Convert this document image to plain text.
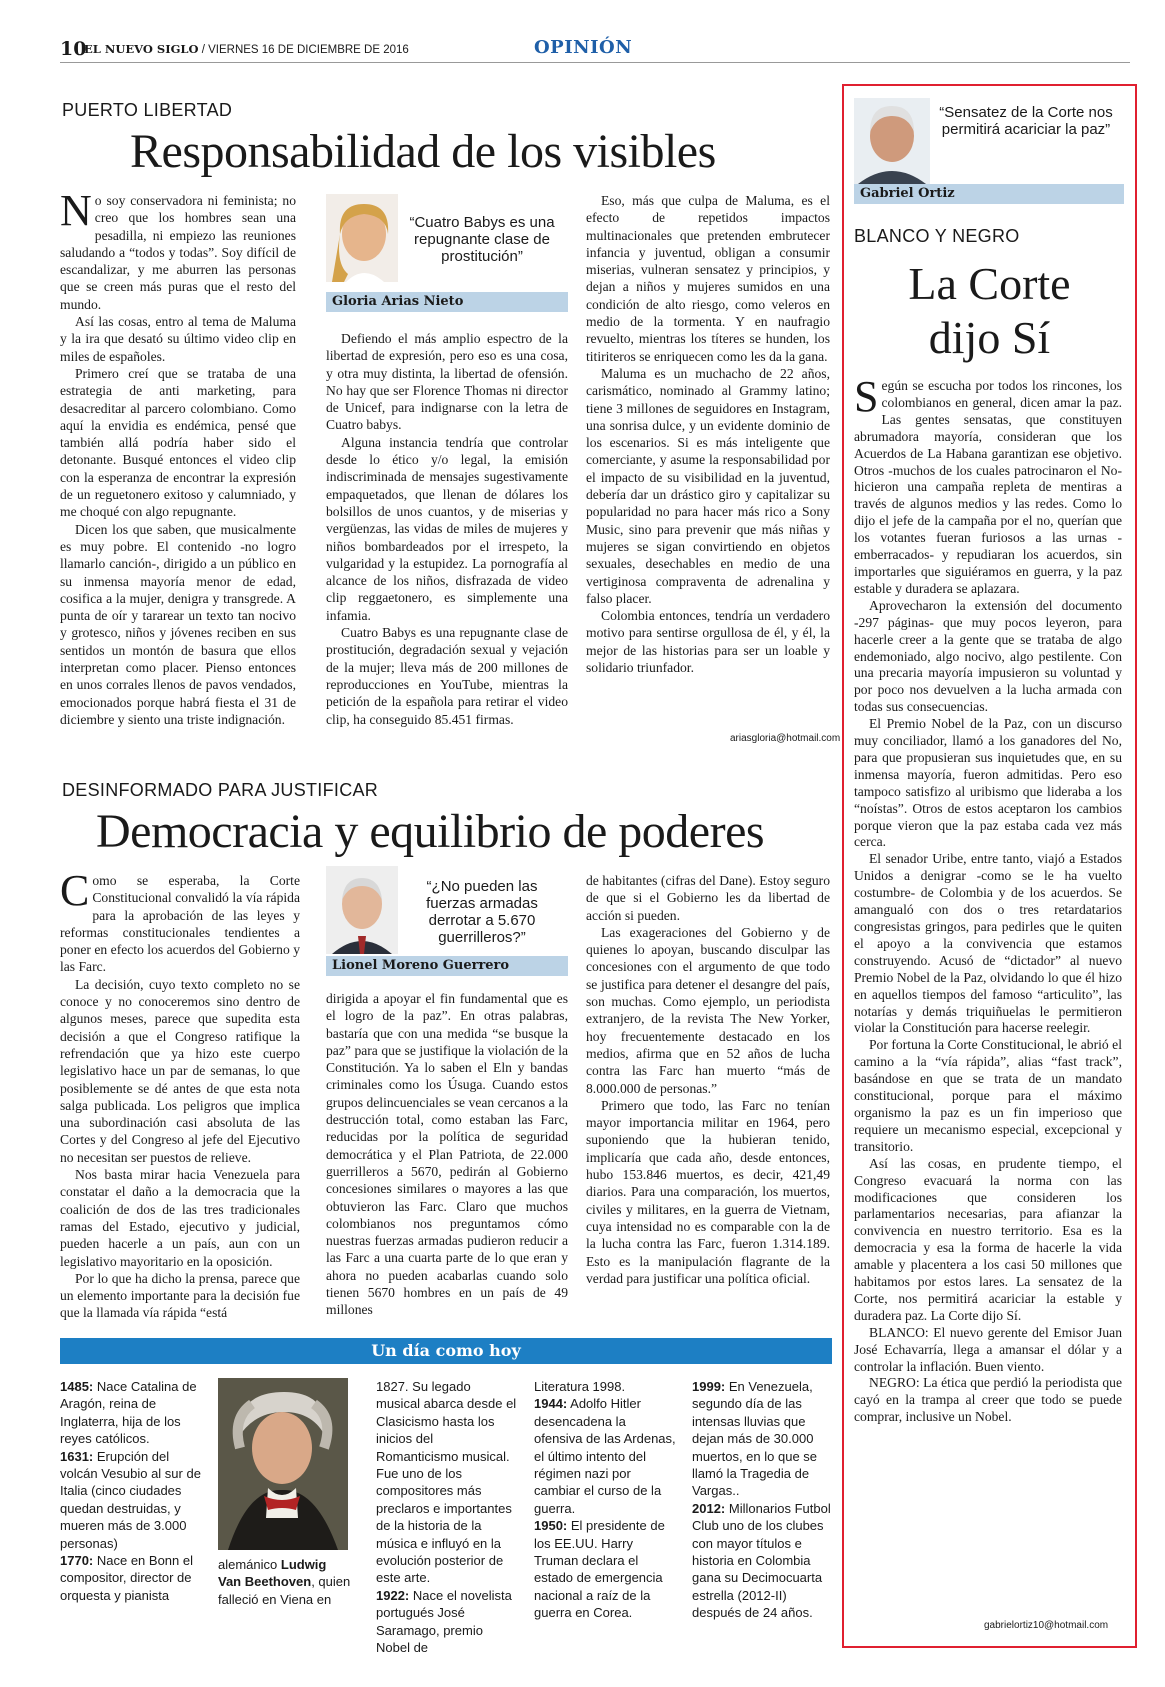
10
EL NUEVO SIGLO / VIERNES 16 DE DICIEMBRE DE 2016	OPINIÓN
PUERTO LIBERTAD
Responsabilidad de los visibles

No soy conservadora ni feminista; no creo que los hombres sean una pesadilla, ni empiezo las reuniones saludando a “todos y todas”. Soy difícil de escandalizar, y me aburren las personas que se creen más puras que el resto del mundo.

Así las cosas, entro al tema de Maluma y la ira que desató su último video clip en miles de españoles.

Primero creí que se trataba de una estrategia de anti marketing, para desacreditar al parcero colombiano. Como aquí la envidia es endémica, pensé que también allá podría haber sido el detonante. Busqué entonces el video clip con la esperanza de encontrar la expresión de un reguetonero exitoso y calumniado, y me choqué con algo repugnante.

Dicen los que saben, que musicalmente es muy pobre. El contenido -no logro llamarlo canción-, dirigido a un público en su inmensa mayoría menor de edad, cosifica a la mujer, denigra y transgrede. A punta de oír y tararear un texto tan nocivo y grotesco, niños y jóvenes reciben en sus sentidos un montón de basura que ellos interpretan como placer. Pienso entonces en unos corrales llenos de pavos vendados, emocionados porque habrá fiesta el 31 de diciembre y siento una triste indignación.

“Cuatro Babys es una repugnante clase de prostitución”
Gloria Arias Nieto

Defiendo el más amplio espectro de la libertad de expresión, pero eso es una cosa, y otra muy distinta, la libertad de ofensión. No hay que ser Florence Thomas ni director de Unicef, para indignarse con la letra de Cuatro babys.

Alguna instancia tendría que controlar desde lo ético y/o legal, la emisión indiscriminada de mensajes sugestivamente empaquetados, que llenan de dólares los bolsillos de unos cuantos, y de miserias y vergüenzas, las vidas de miles de mujeres y niños bombardeados por el irrespeto, la vulgaridad y la estupidez. La pornografía al alcance de los niños, disfrazada de video clip reggaetonero, es simplemente una infamia.

Cuatro Babys es una repugnante clase de prostitución, degradación sexual y vejación de la mujer; lleva más de 200 millones de reproducciones en YouTube, mientras la petición de la española para retirar el video clip, ha conseguido 85.451 firmas.

Eso, más que culpa de Maluma, es el efecto de repetidos impactos multinacionales que pretenden embrutecer infancia y juventud, obligan a consumir miserias, vulneran sensatez y principios, y dejan a niños y mujeres sumidos en una condición de alto riesgo, como veleros en medio de la tormenta. Y en naufragio revuelto, mientras los títeres se hunden, los titiriteros se enriquecen como les da la gana.

Maluma es un muchacho de 22 años, carismático, nominado al Grammy latino; tiene 3 millones de seguidores en Instagram, una sonrisa dulce, y un evidente dominio de los escenarios. Si es más inteligente que comerciante, y asume la responsabilidad por el impacto de su visibilidad en la juventud, debería dar un drástico giro y capitalizar su popularidad no para hacer más rico a Sony Music, sino para prevenir que más niñas y mujeres se sigan convirtiendo en objetos sexuales, desechables en medio de una vertiginosa compraventa de adrenalina y falso placer.

Colombia entonces, tendría un verdadero motivo para sentirse orgullosa de él, y él, la mejor de las historias para ser un loable y solidario triunfador.

ariasgloria@hotmail.com
DESINFORMADO PARA JUSTIFICAR
Democracia y equilibrio de poderes

Como se esperaba, la Corte Constitucional convalidó la vía rápida para la aprobación de las leyes y reformas constitucionales tendientes a poner en efecto los acuerdos del Gobierno y las Farc.

La decisión, cuyo texto completo no se conoce y no conoceremos sino dentro de algunos meses, parece que supedita esta decisión a que el Congreso ratifique la refrendación que ya hizo este cuerpo legislativo hace un par de semanas, lo que posiblemente se dé antes de que esta nota salga publicada. Los peligros que implica una subordinación casi absoluta de las Cortes y del Congreso al jefe del Ejecutivo no necesitan ser puestos de relieve.

Nos basta mirar hacia Venezuela para constatar el daño a la democracia que la coalición de dos de las tres tradicionales ramas del Estado, ejecutivo y judicial, pueden hacerle a un país, aun con un legislativo mayoritario en la oposición.

Por lo que ha dicho la prensa, parece que un elemento importante para la decisión fue que la llamada vía rápida “está

“¿No pueden las fuerzas armadas derrotar a 5.670 guerrilleros?”
Lionel Moreno Guerrero

dirigida a apoyar el fin fundamental que es el logro de la paz”. En otras palabras, bastaría que con una medida “se busque la paz” para que se justifique la violación de la Constitución. Ya lo saben el Eln y bandas criminales como los Úsuga. Cuando estos grupos delincuenciales se vean cercanos a la destrucción total, como estaban las Farc, reducidas por la política de seguridad democrática y el Plan Patriota, de 22.000 guerrilleros a 5670, pedirán al Gobierno concesiones similares o mayores a las que obtuvieron las Farc. Claro que muchos colombianos nos preguntamos cómo nuestras fuerzas armadas pudieron reducir a las Farc a una cuarta parte de lo que eran y ahora no pueden acabarlas cuando solo tienen 5670 hombres en un país de 49 millones

de habitantes (cifras del Dane). Estoy seguro de que si el Gobierno les da libertad de acción si pueden.

Las exageraciones del Gobierno y de quienes lo apoyan, buscando disculpar las concesiones con el argumento de que todo se justifica para detener el desangre del país, son muchas. Como ejemplo, un periodista extranjero, de la revista The New Yorker, hoy frecuentemente destacado en los medios, afirma que en 52 años de lucha contra las Farc han muerto “más de 8.000.000 de personas.”

Primero que todo, las Farc no tenían mayor importancia militar en 1964, pero suponiendo que la hubieran tenido, implicaría que cada año, desde entonces, hubo 153.846 muertos, es decir, 421,49 diarios. Para una comparación, los muertos, civiles y militares, en la guerra de Vietnam, cuya intensidad no es comparable con la de la lucha contra las Farc, fueron 1.314.189. Esto es la manipulación flagrante de la verdad para justificar una política oficial.

Un día como hoy
1485: Nace Catalina de Aragón, reina de Inglaterra, hija de los reyes católicos.
1631: Erupción del volcán Vesubio al sur de Italia (cinco ciudades quedan destruidas, y mueren más de 3.000 personas)
1770: Nace en Bonn el compositor, director de orquesta y pianista
alemánico Ludwig Van Beethoven, quien falleció en Viena en
1827. Su legado musical abarca desde el Clasicismo hasta los inicios del Romanticismo musical. Fue uno de los compositores más preclaros e importantes de la historia de la música e influyó en la evolución posterior de este arte.
1922: Nace el novelista portugués José Saramago, premio Nobel de
Literatura 1998.
1944: Adolfo Hitler desencadena la ofensiva de las Ardenas, el último intento del régimen nazi por cambiar el curso de la guerra.
1950: El presidente de los EE.UU. Harry Truman declara el estado de emergencia nacional a raíz de la guerra en Corea.
1999: En Venezuela, segundo día de las intensas lluvias que dejan más de 30.000 muertos, en lo que se llamó la Tragedia de Vargas..
2012: Millonarios Futbol Club uno de los clubes con mayor títulos e historia en Colombia gana su Decimocuarta estrella (2012-II) después de 24 años.
“Sensatez de la Corte nos permitirá acariciar la paz”
Gabriel Ortiz
BLANCO Y NEGRO
La Corte
dijo Sí

Según se escucha por todos los rincones, los colombianos en general, dicen amar la paz. Las gentes sensatas, que constituyen abrumadora mayoría, consideran que los Acuerdos de La Habana garantizan ese objetivo. Otros -muchos de los cuales patrocinaron el No- hicieron una campaña repleta de mentiras a través de algunos medios y las redes. Como lo dijo el jefe de la campaña por el no, querían que los votantes fueran furiosos a las urnas -emberracados- y repudiaran los acuerdos, sin importarles que siguiéramos en guerra, y la paz estable y duradera se aplazara.

Aprovecharon la extensión del documento -297 páginas- que muy pocos leyeron, para hacerle creer a la gente que se trataba de algo endemoniado, algo nocivo, algo pestilente. Con una precaria mayoría impusieron su voluntad y por poco nos devuelven a la lucha armada con todas sus consecuencias.

El Premio Nobel de la Paz, con un discurso muy conciliador, llamó a los ganadores del No, para que propusieran sus inquietudes que, en su inmensa mayoría, fueron admitidas. Pero eso tampoco satisfizo al uribismo que lideraba a los “noístas”. Otros de estos aceptaron los cambios porque vieron que la paz estaba cada vez más cerca.

El senador Uribe, entre tanto, viajó a Estados Unidos a denigrar -como se le ha vuelto costumbre- de Colombia y de los acuerdos. Se amangualó con dos o tres retardatarios congresistas gringos, para pedirles que le quiten el apoyo a la convivencia que estamos construyendo. Acusó de “dictador” al nuevo Premio Nobel de la Paz, olvidando lo que él hizo en aquellos tiempos del famoso “articulito”, las notarías y demás triquiñuelas le permitieron violar la Constitución para hacerse reelegir.

Por fortuna la Corte Constitucional, le abrió el camino a la “vía rápida”, alias “fast track”, basándose en que se trata de un mandato constitucional, porque para el máximo organismo la paz es un fin imperioso que requiere un mecanismo especial, excepcional y transitorio.

Así las cosas, en prudente tiempo, el Congreso evacuará la norma con las modificaciones que consideren los parlamentarios necesarias, para afianzar la convivencia en nuestro territorio. Esa es la democracia y esa la forma de hacerle la vida amable y placentera a los casi 50 millones que habitamos por estos lares. La sensatez de la Corte, nos permitirá acariciar la estable y duradera paz. La Corte dijo Sí.

BLANCO: El nuevo gerente del Emisor Juan José Echavarría, llega a amansar el dólar y a controlar la inflación. Buen viento.

NEGRO: La ética que perdió la periodista que cayó en la trampa al creer que todo se puede comprar, inclusive un Nobel.

gabrielortiz10@hotmail.com
